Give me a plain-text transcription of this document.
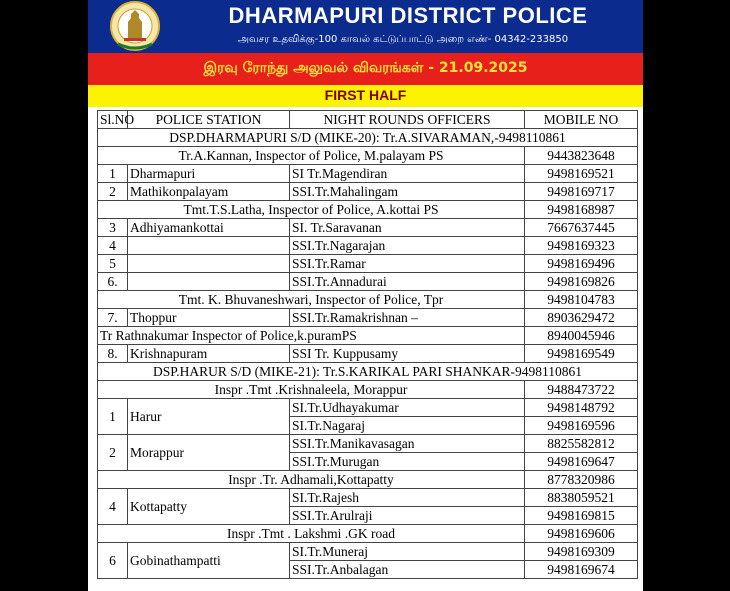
DHARMAPURI DISTRICT POLICE
அவசர உதவிக்கு-100 காவல் கட்டுப்பாட்டு அறை எண்- 04342-233850
இரவு ரோந்து அலுவல் விவரங்கள் - 21.09.2025
FIRST HALF
Sl.NO	POLICE STATION	NIGHT ROUNDS OFFICERS	MOBILE NO
DSP.DHARMAPURI S/D (MIKE-20): Tr.A.SIVARAMAN,-9498110861			
Tr.A.Kannan, Inspector of Police, M.palayam PS			9443823648
1	Dharmapuri	SI Tr.Magendiran	9498169521
2	Mathikonpalayam	SSI.Tr.Mahalingam	9498169717
Tmt.T.S.Latha, Inspector of Police, A.kottai PS			9498168987
3	Adhiyamankottai	SI. Tr.Saravanan	7667637445
4		SSI.Tr.Nagarajan	9498169323
5		SSI.Tr.Ramar	9498169496
6.		SSI.Tr.Annadurai	9498169826
Tmt. K. Bhuvaneshwari, Inspector of Police, Tpr			9498104783
7.	Thoppur	SSI.Tr.Ramakrishnan –	8903629472
Tr Rathnakumar Inspector of Police,k.puramPS			8940045946
8.	Krishnapuram	SSI Tr. Kuppusamy	9498169549
DSP.HARUR S/D (MIKE-21): Tr.S.KARIKAL PARI SHANKAR-9498110861			
Inspr .Tmt .Krishnaleela, Morappur			9488473722
1	Harur	SI.Tr.Udhayakumar	9498148792
		SI.Tr.Nagaraj	9498169596
2	Morappur	SSI.Tr.Manikavasagan	8825582812
		SSI.Tr.Murugan	9498169647
Inspr .Tr. Adhamali,Kottapatty			8778320986
4	Kottapatty	SI.Tr.Rajesh	8838059521
		SSI.Tr.Arulraji	9498169815
Inspr .Tmt . Lakshmi .GK road			9498169606
6	Gobinathampatti	SI.Tr.Muneraj	9498169309
		SSI.Tr.Anbalagan	9498169674
